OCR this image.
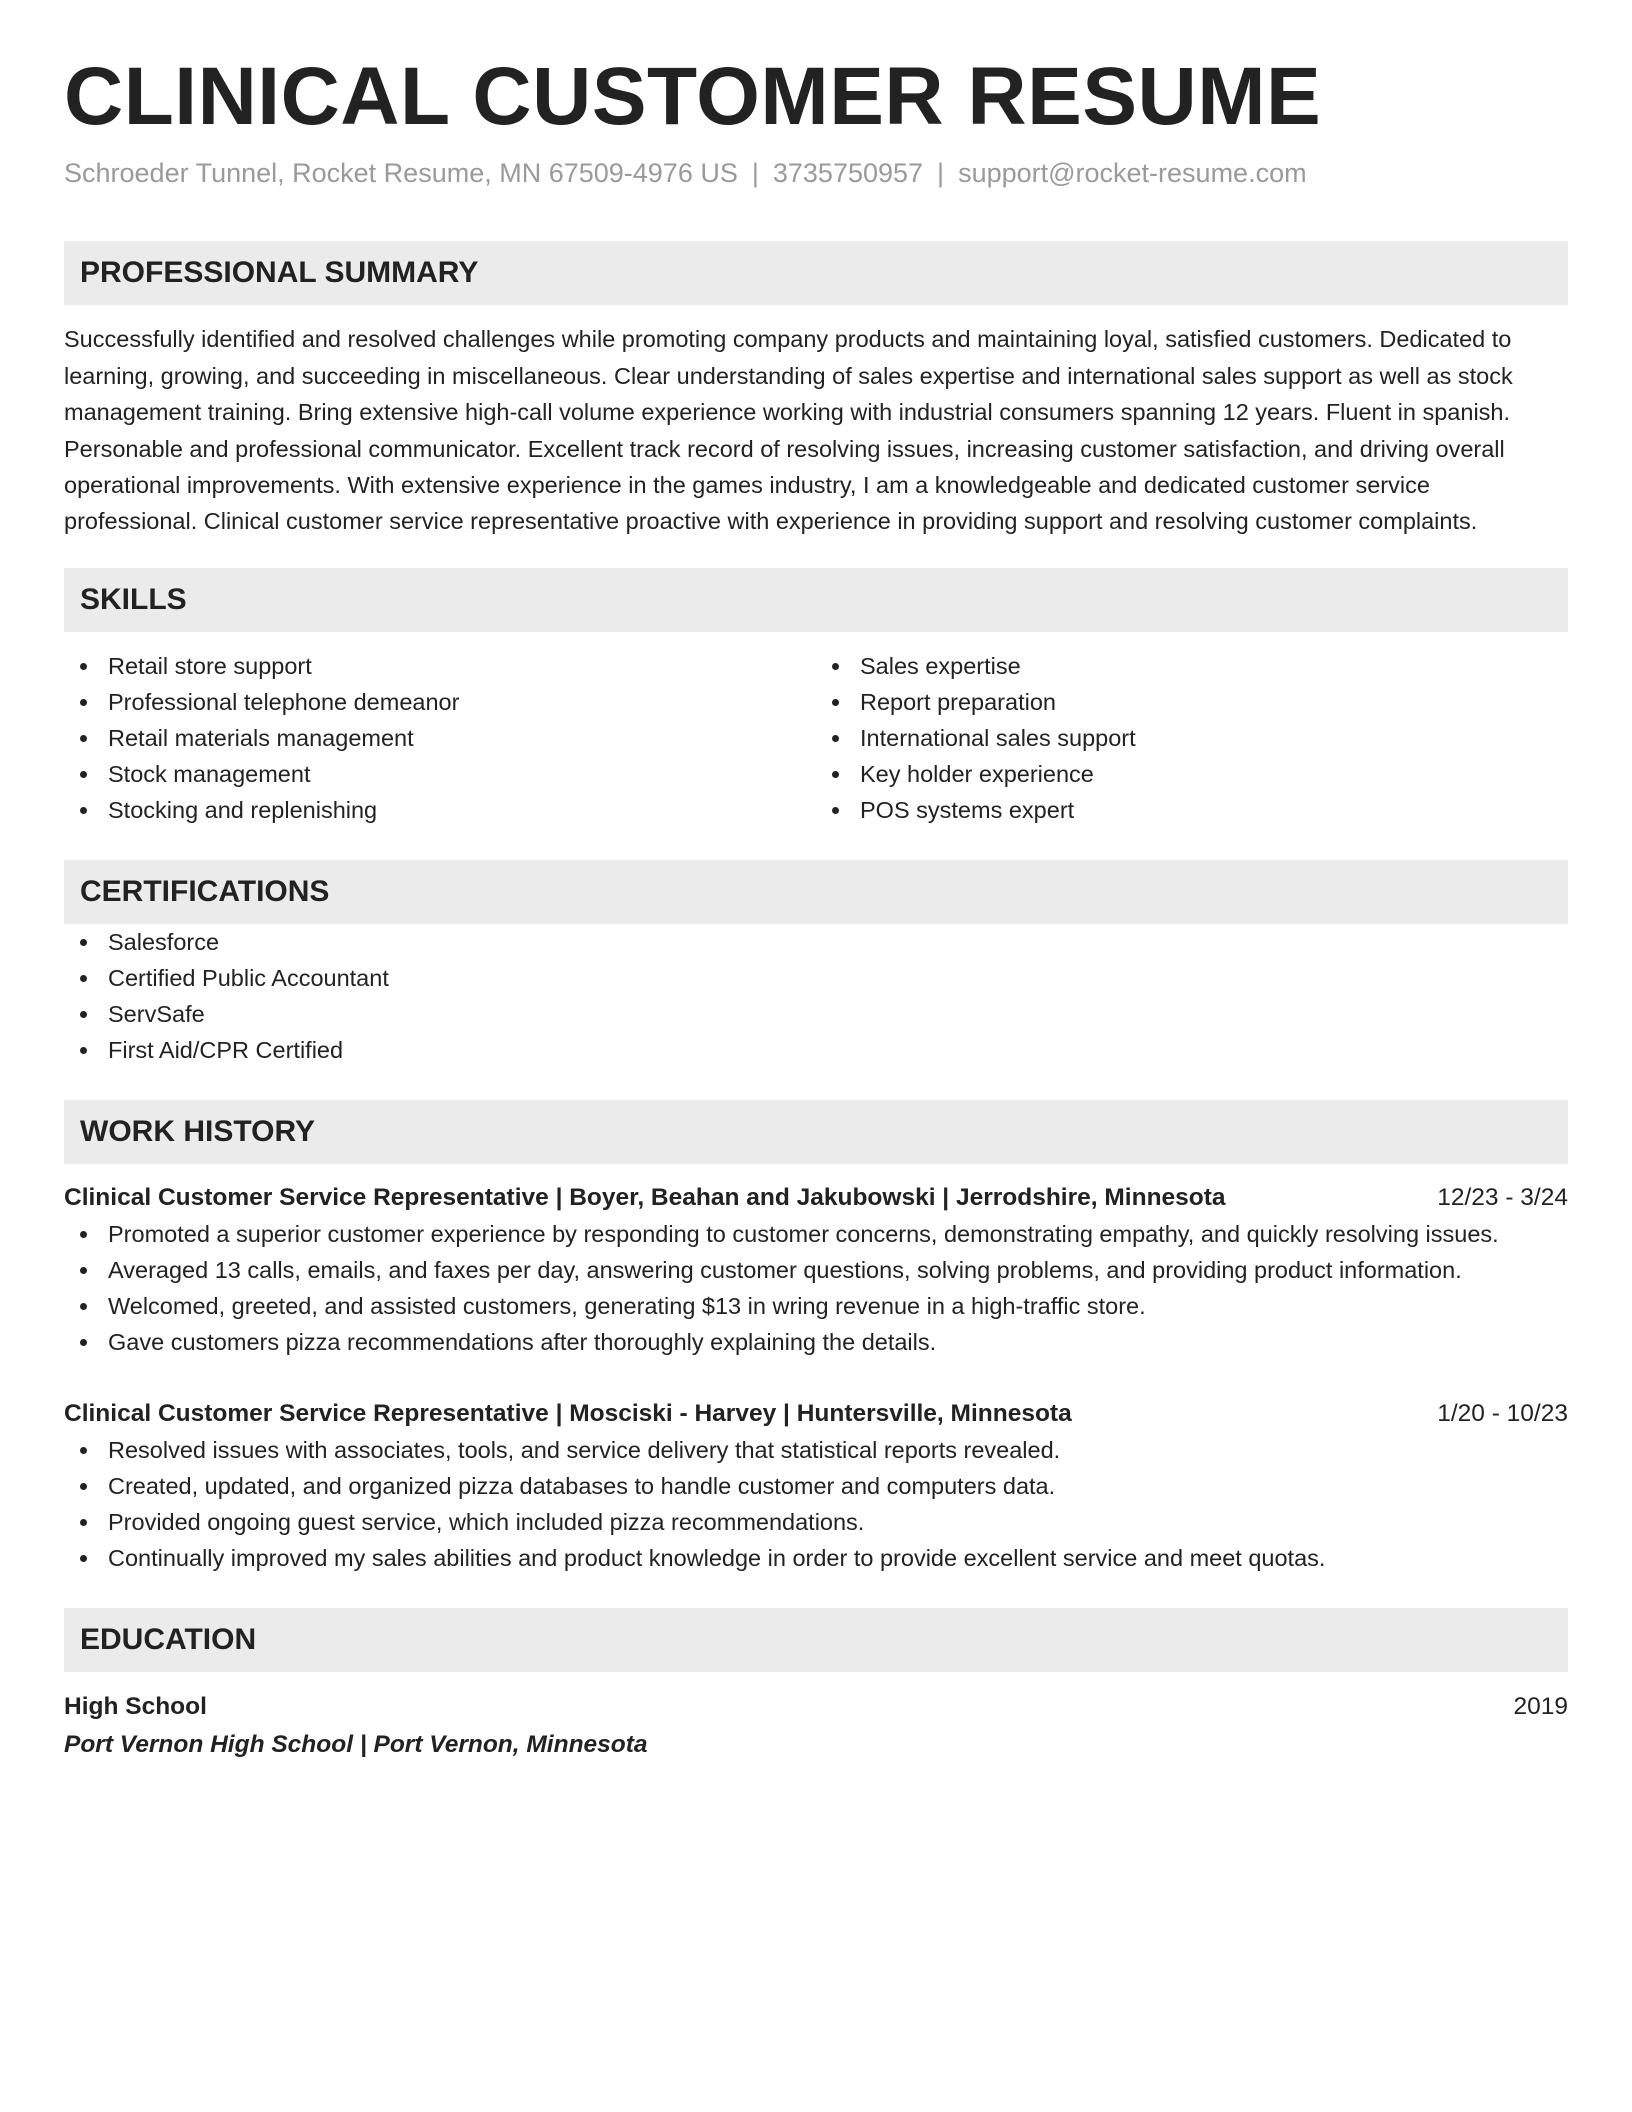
CLINICAL CUSTOMER RESUME
Schroeder Tunnel, Rocket Resume, MN 67509-4976 US | 3735750957 | support@rocket-resume.com
PROFESSIONAL SUMMARY

Successfully identified and resolved challenges while promoting company products and maintaining loyal, satisfied customers. Dedicated to learning, growing, and succeeding in miscellaneous. Clear understanding of sales expertise and international sales support as well as stock management training. Bring extensive high-call volume experience working with industrial consumers spanning 12 years. Fluent in spanish. Personable and professional communicator. Excellent track record of resolving issues, increasing customer satisfaction, and driving overall operational improvements. With extensive experience in the games industry, I am a knowledgeable and dedicated customer service professional. Clinical customer service representative proactive with experience in providing support and resolving customer complaints.

SKILLS
Retail store support
Professional telephone demeanor
Retail materials management
Stock management
Stocking and replenishing
Sales expertise
Report preparation
International sales support
Key holder experience
POS systems expert
CERTIFICATIONS
Salesforce
Certified Public Accountant
ServSafe
First Aid/CPR Certified
WORK HISTORY
Clinical Customer Service Representative | Boyer, Beahan and Jakubowski | Jerrodshire, Minnesota	12/23 - 3/24
Promoted a superior customer experience by responding to customer concerns, demonstrating empathy, and quickly resolving issues.
Averaged 13 calls, emails, and faxes per day, answering customer questions, solving problems, and providing product information.
Welcomed, greeted, and assisted customers, generating $13 in wring revenue in a high-traffic store.
Gave customers pizza recommendations after thoroughly explaining the details.
Clinical Customer Service Representative | Mosciski - Harvey | Huntersville, Minnesota	1/20 - 10/23
Resolved issues with associates, tools, and service delivery that statistical reports revealed.
Created, updated, and organized pizza databases to handle customer and computers data.
Provided ongoing guest service, which included pizza recommendations.
Continually improved my sales abilities and product knowledge in order to provide excellent service and meet quotas.
EDUCATION
High School	2019
Port Vernon High School | Port Vernon, Minnesota
